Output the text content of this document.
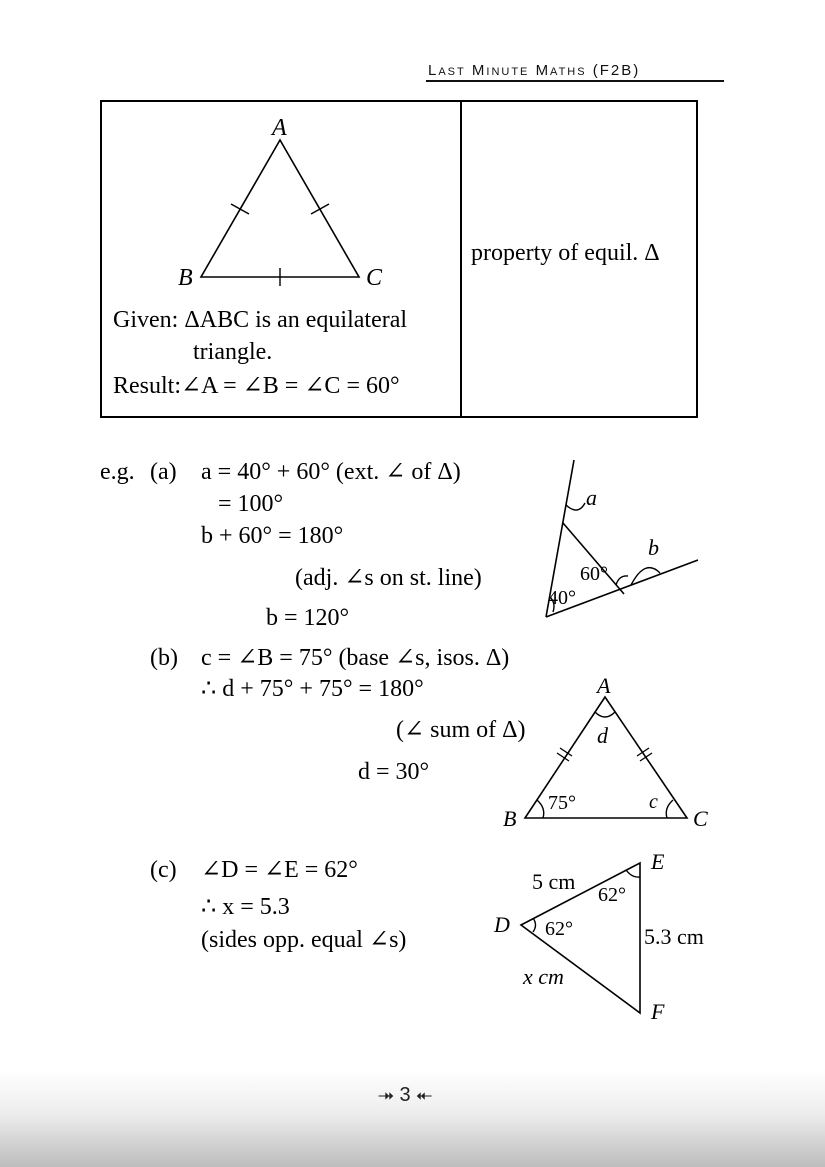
Last Minute Maths (F2B)
A
B	C
Given: ΔABC is an equilateral
triangle.
Result:∠A = ∠B = ∠C = 60°
property of equil. Δ
e.g. (a) a = 40° + 60° (ext. ∠ of Δ)
= 100°
b + 60° = 180°
(adj. ∠s on st. line)
b = 120°
a
b
60°
40°
(b) c = ∠B = 75° (base ∠s, isos. Δ)
∴ d + 75° + 75° = 180°
(∠ sum of Δ)
d = 30°
A
B	C
d
c
75°
(c) ∠D = ∠E = 62°
∴ x = 5.3
(sides opp. equal ∠s)
D
E
F
5 cm
5.3 cm
x cm
62°
62°
⯮ 3 ⯬
